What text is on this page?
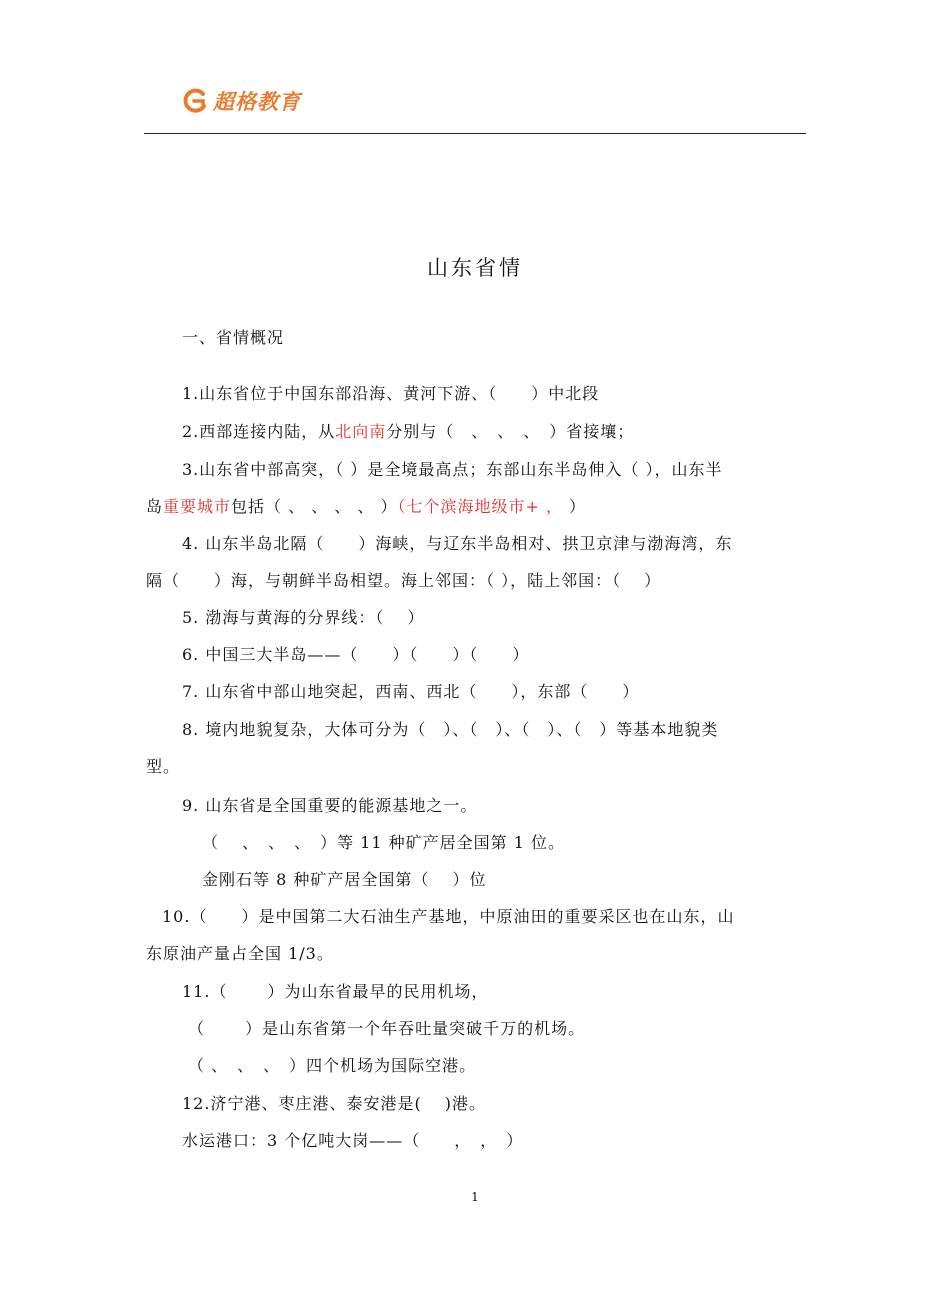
超格教育
山东省情
一、省情概况
1.山东省位于中国东部沿海、黄河下游、（　　）中北段
2.西部连接内陆，从北向南分别与（　、　、　、　）省接壤；
3.山东省中部高突，（ ）是全境最高点；东部山东半岛伸入（ ），山东半
岛重要城市包括（ 、 、 、 、 ）（七个滨海地级市+ ， ）
4. 山东半岛北隔（　　）海峡，与辽东半岛相对、拱卫京津与渤海湾，东
隔（　　）海，与朝鲜半岛相望。海上邻国：（ ），陆上邻国：（　 ）
5. 渤海与黄海的分界线：（　 ）
6. 中国三大半岛——（　　）（　　）（　　）
7. 山东省中部山地突起，西南、西北（　　），东部（　　）
8. 境内地貌复杂，大体可分为（　）、（　）、（　）、（　）等基本地貌类
型。
9. 山东省是全国重要的能源基地之一。
（　 、　、　、　）等 11 种矿产居全国第 1 位。
金刚石等 8 种矿产居全国第（　 ）位
10.（　　）是中国第二大石油生产基地，中原油田的重要采区也在山东，山
东原油产量占全国 1/3。
11.（　　 ）为山东省最早的民用机场，
（　　 ）是山东省第一个年吞吐量突破千万的机场。
（ 、　、　、　）四个机场为国际空港。
12.济宁港、枣庄港、泰安港是(　 )港。
水运港口：3 个亿吨大岗——（　　，　，　）
1
